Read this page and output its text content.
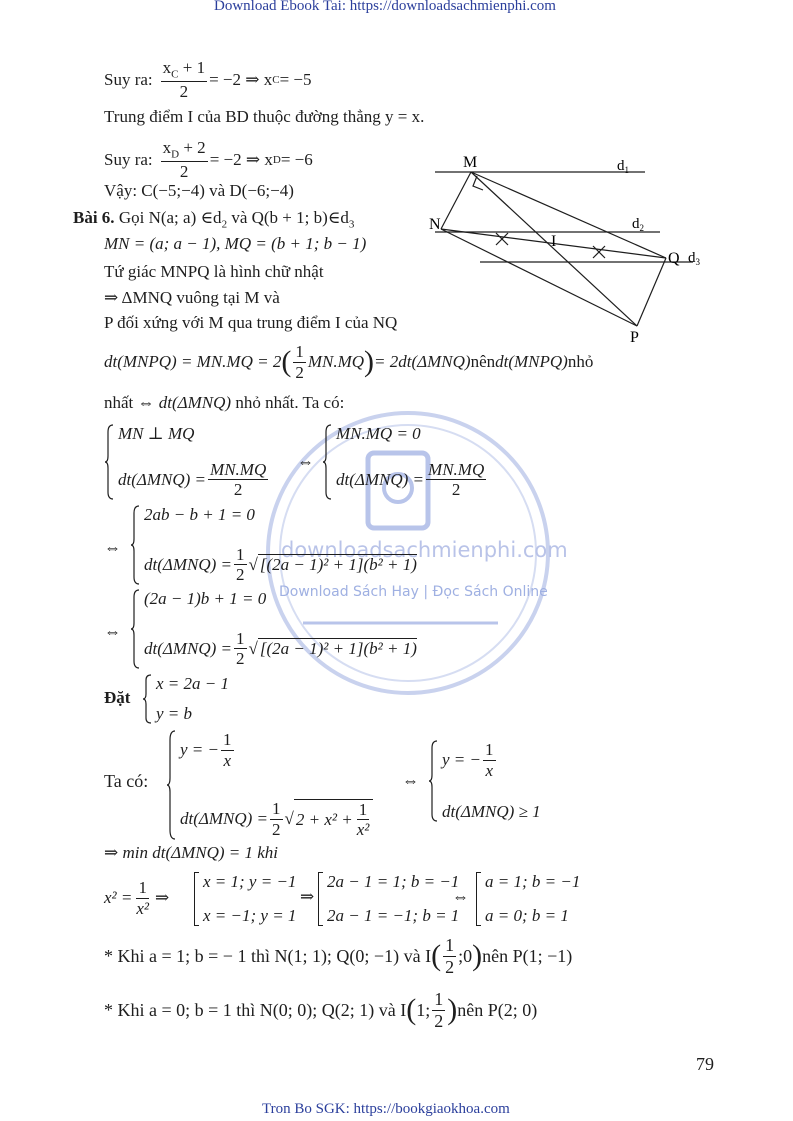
Download Ebook Tai: https://downloadsachmienphi.com
Tron Bo SGK: https://bookgiaokhoa.com
79
downloadsachmienphi.com
Download Sách Hay | Đọc Sách Online
Suy ra: $\frac{x_C + 1}{2} = -2$ ⇒ x C = −5
Trung điểm I của BD thuộc đường thẳng y = x.
Suy ra: $\frac{x_D + 2}{2} = -2$ ⇒ x D = −6
Vậy: C(−5;−4) và D(−6;−4)
Bài 6. Gọi N(a; a) $\in d_2$ và Q(b + 1; $b)\in d_3$
MN = (a; a − 1), MQ = (b + 1; b − 1)
Tứ giác MNPQ là hình chữ nhật
⇒ ΔMNQ vuông tại M và
P đối xứng với M qua trung điểm I của NQ
M
N
Q
P
I
$d_1$
$d_2$
$d_3$
dt(MNPQ) = MN.MQ = 2 ( $\frac{1}{2} MN.MQ$ ) = 2dt(ΔMNQ) nên dt(MNPQ) nhỏ
nhất ⇔ dt(ΔMNQ) nhỏ nhất. Ta có:
MN ⊥ MQ
$dt(\Delta MNQ) = \frac{MN.MQ}{2}$ ⇔
MN.MQ = 0
$dt(\Delta MNQ) = \frac{MN.MQ}{2}$
⇔
2ab − b + 1 = 0
$dt(\Delta MNQ) = \frac{1}{2}$ √ [(2a − 1)² + 1](b² + 1)
⇔
(2a − 1)b + 1 = 0
$dt(\Delta MNQ) = \frac{1}{2}$ √ [(2a − 1)² + 1](b² + 1)
Đặt
x = 2a − 1
y = b
Ta có:
y = − $\frac{1}{x}$
$dt(\Delta MNQ) = \frac{1}{2}$ √ $2 + x^2 + \frac{1}{\text{x²}}$
⇔
y = − $\frac{1}{x}$
dt(ΔMNQ) ≥ 1
⇒ min dt(ΔMNQ) = 1 khi
$x^2 = \frac{1}{\text{x²}}$ ⇒
x = 1; y = −1
x = −1; y = 1
⇒
2a − 1 = 1; b = −1
2a − 1 = −1; b = 1
⇔
a = 1; b = −1
a = 0; b = 1
* Khi a = 1; b = − 1 thì N(1; 1); Q(0; −1) và I ( $\frac{1}{2}$ ;0 ) nên P(1; −1)
* Khi a = 0; b = 1 thì N(0; 0); Q(2; 1) và I ( 1; $\frac{1}{2}$ ) nên P(2; 0)
